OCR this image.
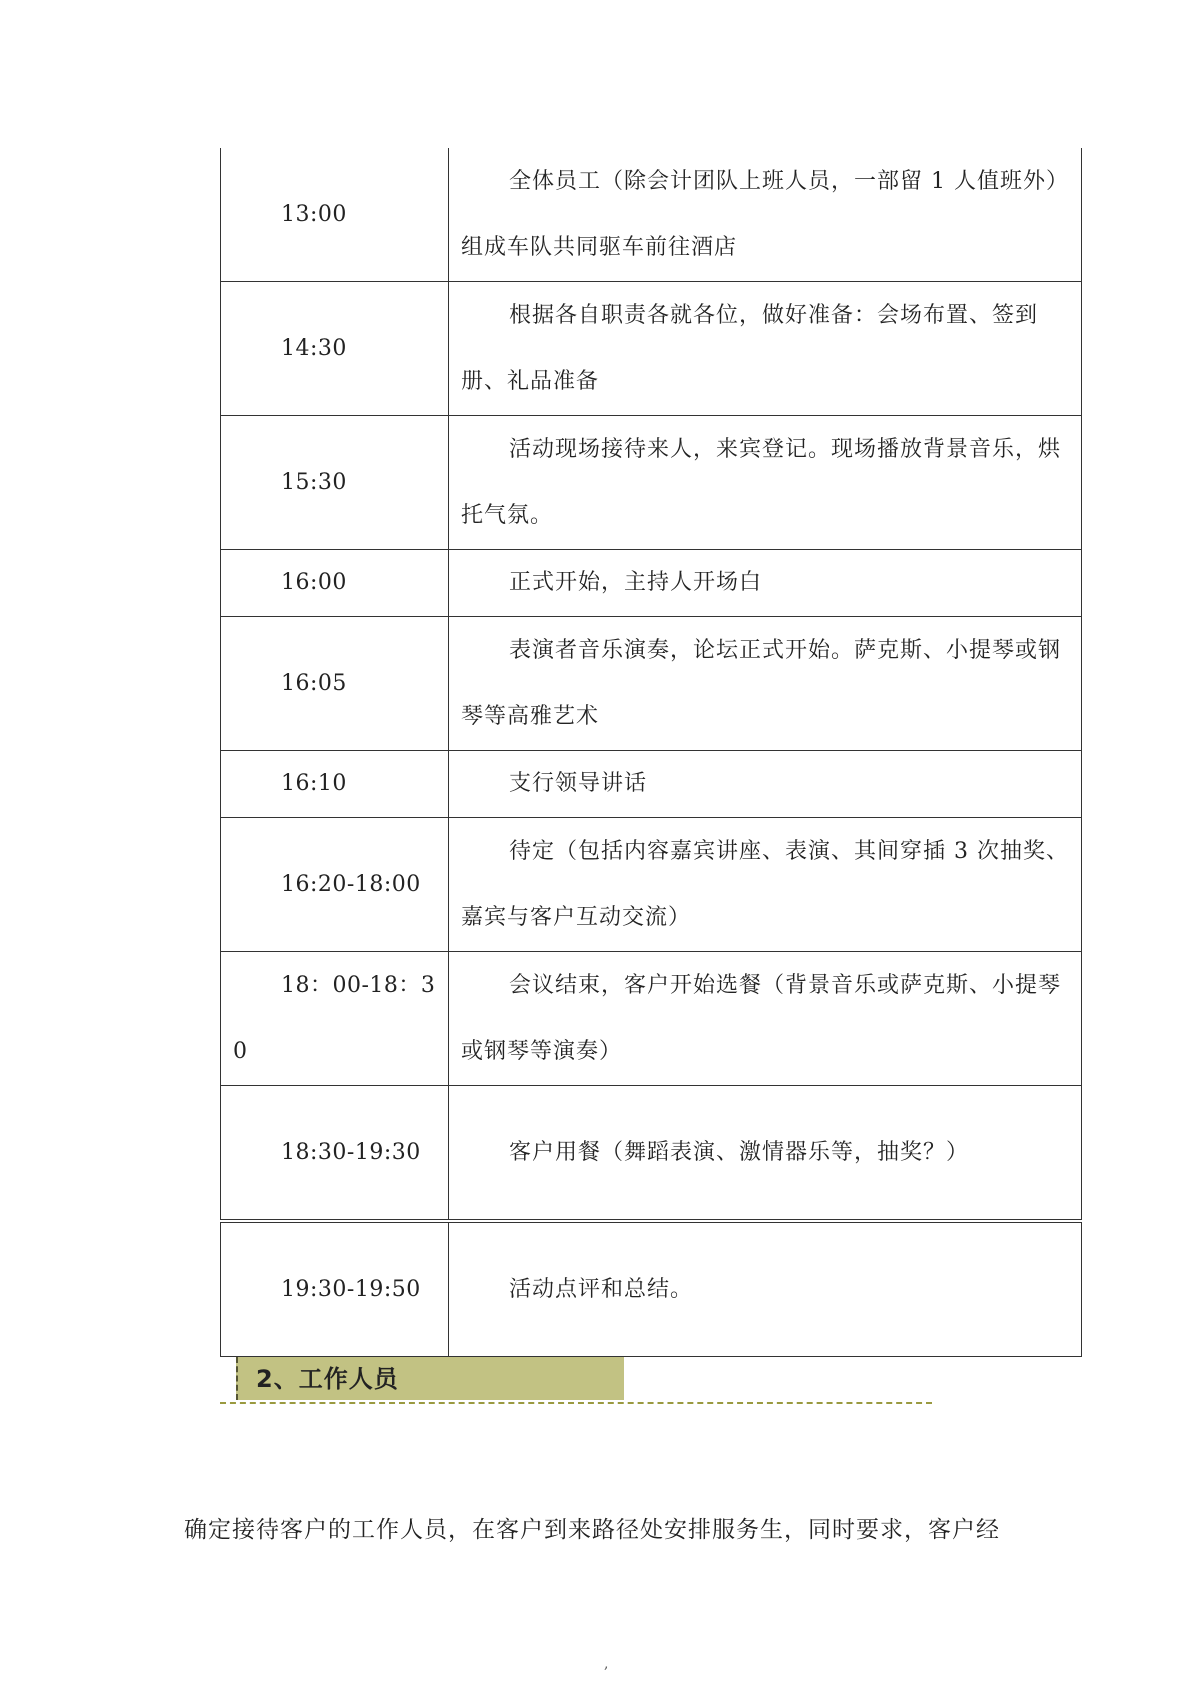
13:00	全体员工（除会计团队上班人员，一部留 1 人值班外）组成车队共同驱车前往酒店

14:30	根据各自职责各就各位，做好准备：会场布置、签到册、礼品准备

15:30	活动现场接待来人，来宾登记。现场播放背景音乐，烘托气氛。

16:00	正式开始，主持人开场白

16:05	表演者音乐演奏，论坛正式开始。萨克斯、小提琴或钢琴等高雅艺术

16:10	支行领导讲话

16:20-18:00	待定（包括内容嘉宾讲座、表演、其间穿插 3 次抽奖、嘉宾与客户互动交流）

18：00-18：30	会议结束，客户开始选餐（背景音乐或萨克斯、小提琴或钢琴等演奏）

18:30-19:30	客户用餐（舞蹈表演、激情器乐等，抽奖？）

19:30-19:50	活动点评和总结。
2、工作人员
确定接待客户的工作人员，在客户到来路径处安排服务生，同时要求，客户经
,
